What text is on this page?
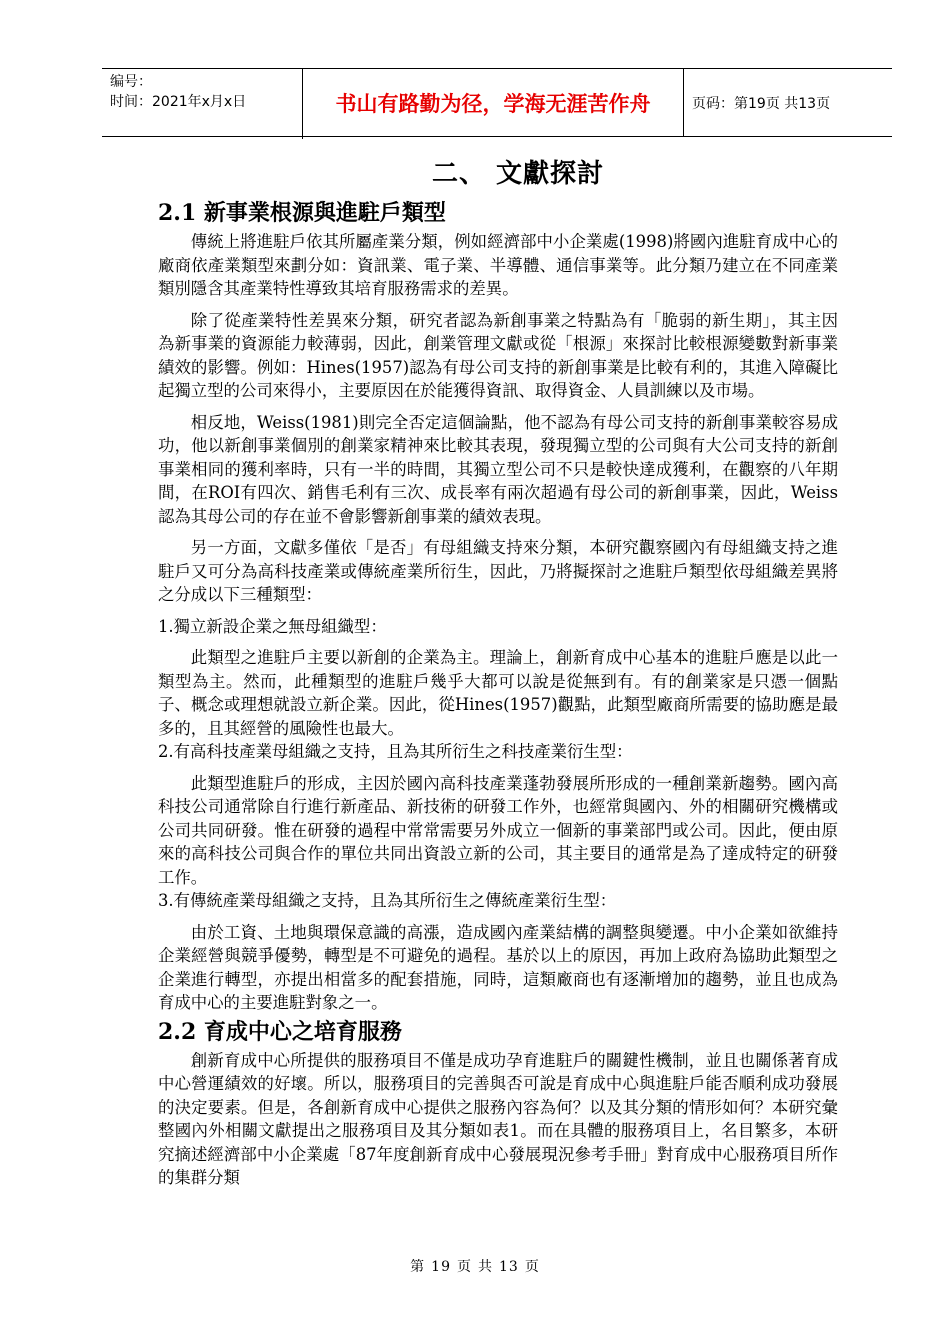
编号：
时间：2021年x月x日	书山有路勤为径，学海无涯苦作舟	页码：第19页 共13页
二、 文獻探討
2.1 新事業根源與進駐戶類型

傳統上將進駐戶依其所屬產業分類，例如經濟部中小企業處(1998)將國內進駐育成中心的廠商依產業類型來劃分如：資訊業、電子業、半導體、通信事業等。此分類乃建立在不同產業類別隱含其產業特性導致其培育服務需求的差異。

除了從產業特性差異來分類，研究者認為新創事業之特點為有「脆弱的新生期」，其主因為新事業的資源能力較薄弱，因此，創業管理文獻或從「根源」來探討比較根源變數對新事業績效的影響。例如：Hines(1957)認為有母公司支持的新創事業是比較有利的，其進入障礙比起獨立型的公司來得小，主要原因在於能獲得資訊、取得資金、人員訓練以及市場。

相反地，Weiss(1981)則完全否定這個論點，他不認為有母公司支持的新創事業較容易成功，他以新創事業個別的創業家精神來比較其表現，發現獨立型的公司與有大公司支持的新創事業相同的獲利率時，只有一半的時間，其獨立型公司不只是較快達成獲利，在觀察的八年期間，在ROI有四次、銷售毛利有三次、成長率有兩次超過有母公司的新創事業，因此，Weiss認為其母公司的存在並不會影響新創事業的績效表現。

另一方面，文獻多僅依「是否」有母組織支持來分類，本研究觀察國內有母組織支持之進駐戶又可分為高科技產業或傳統產業所衍生，因此，乃將擬探討之進駐戶類型依母組織差異將之分成以下三種類型：

1.獨立新設企業之無母組織型：

此類型之進駐戶主要以新創的企業為主。理論上，創新育成中心基本的進駐戶應是以此一類型為主。然而，此種類型的進駐戶幾乎大都可以說是從無到有。有的創業家是只憑一個點子、概念或理想就設立新企業。因此，從Hines(1957)觀點，此類型廠商所需要的協助應是最多的，且其經營的風險性也最大。

2.有高科技產業母組織之支持，且為其所衍生之科技產業衍生型：

此類型進駐戶的形成，主因於國內高科技產業蓬勃發展所形成的一種創業新趨勢。國內高科技公司通常除自行進行新產品、新技術的研發工作外，也經常與國內、外的相關研究機構或公司共同研發。惟在研發的過程中常常需要另外成立一個新的事業部門或公司。因此，便由原來的高科技公司與合作的單位共同出資設立新的公司，其主要目的通常是為了達成特定的研發工作。

3.有傳統產業母組織之支持，且為其所衍生之傳統產業衍生型：

由於工資、土地與環保意識的高漲，造成國內產業結構的調整與變遷。中小企業如欲維持企業經營與競爭優勢，轉型是不可避免的過程。基於以上的原因，再加上政府為協助此類型之企業進行轉型，亦提出相當多的配套措施，同時，這類廠商也有逐漸增加的趨勢，並且也成為育成中心的主要進駐對象之一。

2.2 育成中心之培育服務

創新育成中心所提供的服務項目不僅是成功孕育進駐戶的關鍵性機制，並且也關係著育成中心營運績效的好壞。所以，服務項目的完善與否可說是育成中心與進駐戶能否順利成功發展的決定要素。但是，各創新育成中心提供之服務內容為何？以及其分類的情形如何？本研究彙整國內外相關文獻提出之服務項目及其分類如表1。而在具體的服務項目上，名目繁多，本研究摘述經濟部中小企業處「87年度創新育成中心發展現況參考手冊」對育成中心服務項目所作的集群分類

第 19 页 共 13 页
